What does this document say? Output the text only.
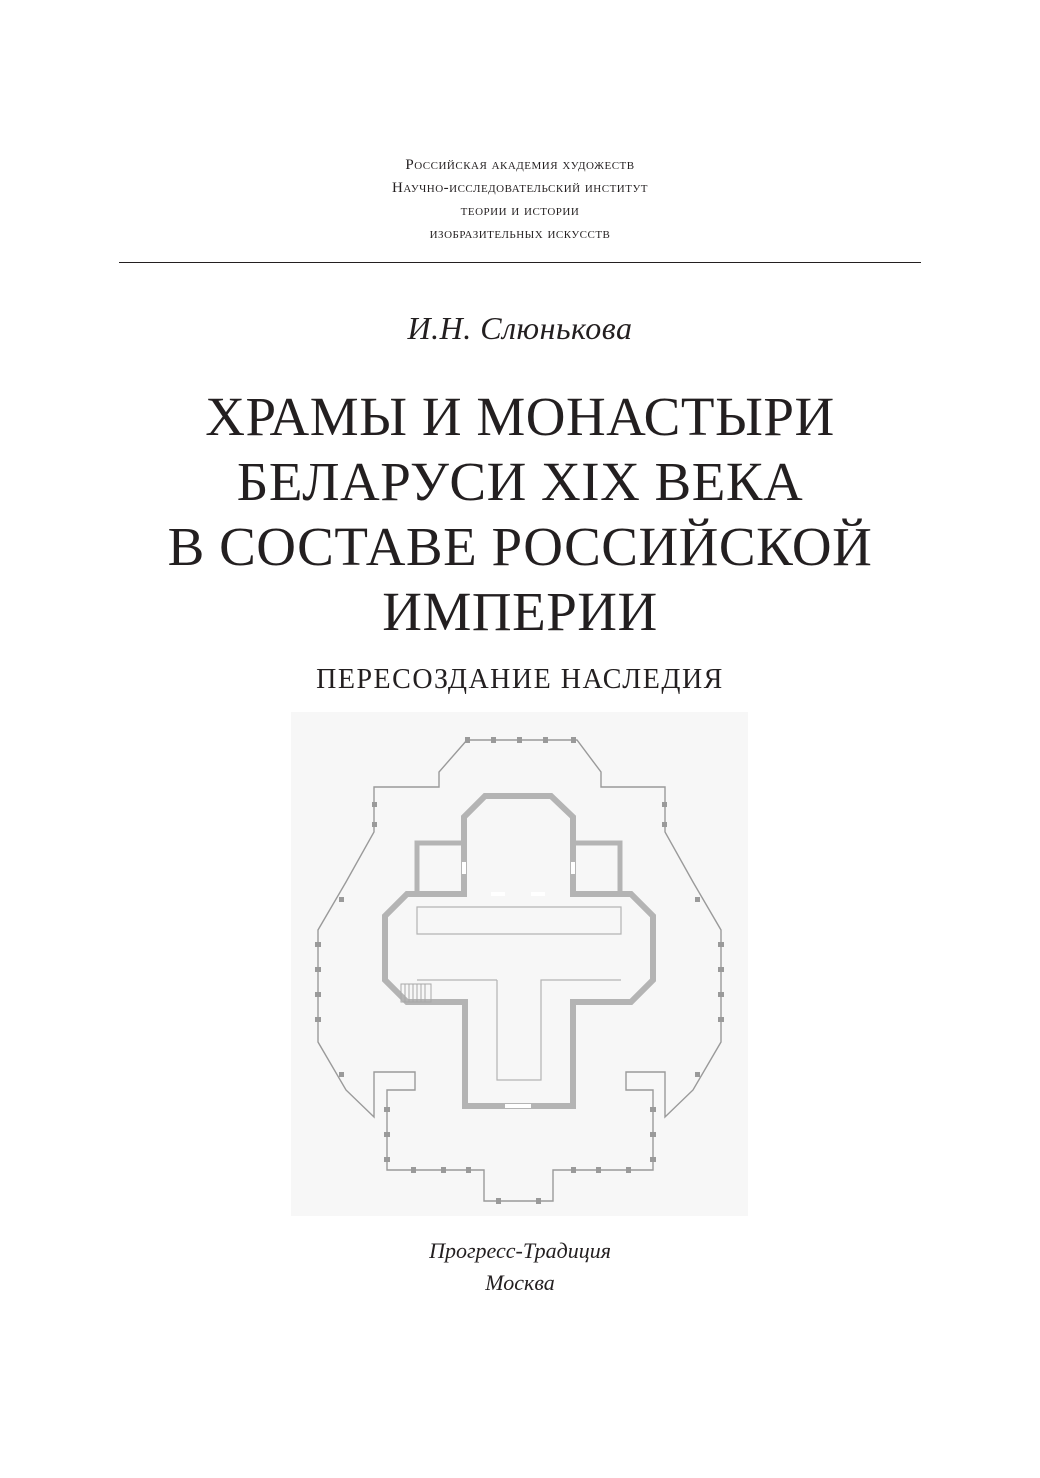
Российская академия художеств
Научно-исследовательский институт
теории и истории
изобразительных искусств
И.Н. Слюнькова
ХРАМЫ И МОНАСТЫРИ
БЕЛАРУСИ XIX ВЕКА
В СОСТАВЕ РОССИЙСКОЙ
ИМПЕРИИ
ПЕРЕСОЗДАНИЕ НАСЛЕДИЯ
Прогресс-Традиция
Москва
